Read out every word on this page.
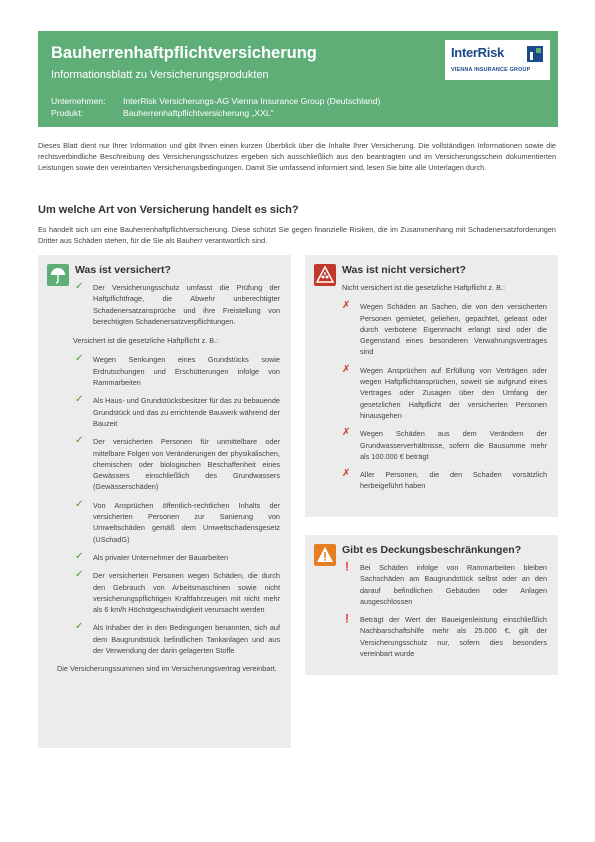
Bauherrenhaftpflichtversicherung
Informationsblatt zu Versicherungsprodukten
Unternehmen:	InterRisk Versicherungs-AG Vienna Insurance Group (Deutschland)
Produkt:	Bauherrenhaftpflichtversicherung „XXL“
InterRisk
VIENNA INSURANCE GROUP
Dieses Blatt dient nur Ihrer Information und gibt Ihnen einen kurzen Überblick über die Inhalte Ihrer Versicherung. Die vollständigen Informationen sowie die rechtsverbindliche Beschreibung des Versicherungsschutzes ergeben sich ausschließlich aus den beantragten und im Versicherungsschein dokumentierten Leistungen sowie den vereinbarten Versicherungsbedingungen. Damit Sie umfassend informiert sind, lesen Sie bitte alle Unterlagen durch.
Um welche Art von Versicherung handelt es sich?
Es handelt sich um eine Bauherrenhaftpflichtversicherung. Diese schützt Sie gegen finanzielle Risiken, die im Zusammenhang mit Schadenersatzforderungen Dritter aus Schäden stehen, für die Sie als Bauherr verantwortlich sind.
Was ist versichert?
✓ Der Versicherungsschutz umfasst die Prüfung der Haftpflichtfrage, die Abwehr unberechtigter Schadenersatzansprüche und ihre Freistellung von berechtigten Schadenersatzverpflichtungen.
Versichert ist die gesetzliche Haftpflicht z. B.:
✓ Wegen Senkungen eines Grundstücks sowie Erdrutschungen und Erschütterungen infolge von Rammarbeiten
✓ Als Haus- und Grundstücksbesitzer für das zu bebauende Grundstück und das zu errichtende Bauwerk während der Bauzeit
✓ Der versicherten Personen für unmittelbare oder mittelbare Folgen von Veränderungen der physikalischen, chemischen oder biologischen Beschaffenheit eines Gewässers einschließlich des Grundwassers (Gewässerschäden)
✓ Von Ansprüchen öffentlich-rechtlichen Inhalts der versicherten Personen zur Sanierung von Umweltschäden gemäß dem Umweltschadensgesetz (USchadG)
✓ Als privater Unternehmer der Bauarbeiten
✓ Der versicherten Personen wegen Schäden, die durch den Gebrauch von Arbeitsmaschinen sowie nicht versicherungspflichtigen Kraftfahrzeugen mit nicht mehr als 6 km/h Höchstgeschwindigkeit verursacht werden
✓ Als Inhaber der in den Bedingungen benannten, sich auf dem Baugrundstück befindlichen Tankanlagen und aus der Verwendung der darin gelagerten Stoffe
Die Versicherungssummen sind im Versicherungsvertrag vereinbart.
Was ist nicht versichert?
Nicht versichert ist die gesetzliche Haftpflicht z. B.:
✗ Wegen Schäden an Sachen, die von den versicherten Personen gemietet, geliehen, gepachtet, geleast oder durch verbotene Eigenmacht erlangt sind oder die Gegenstand eines besonderen Verwahrungsvertrages sind
✗ Wegen Ansprüchen auf Erfüllung von Verträgen oder wegen Haftpflichtansprüchen, soweit sie aufgrund eines Vertrages oder Zusagen über den Umfang der gesetzlichen Haftpflicht der versicherten Personen hinausgehen
✗ Wegen Schäden aus dem Verändern der Grundwasserverhältnisse, sofern die Bausumme mehr als 100.000 € beträgt
✗ Aller Personen, die den Schaden vorsätzlich herbeigeführt haben
Gibt es Deckungsbeschränkungen?
❗ Bei Schäden infolge von Rammarbeiten bleiben Sachschäden am Baugrundstück selbst oder an den darauf befindlichen Gebäuden oder Anlagen ausgeschlossen
❗ Beträgt der Wert der Baueigenleistung einschließlich Nachbarschaftshilfe mehr als 25.000 €, gilt der Versicherungsschutz nur, sofern dies besonders vereinbart wurde
